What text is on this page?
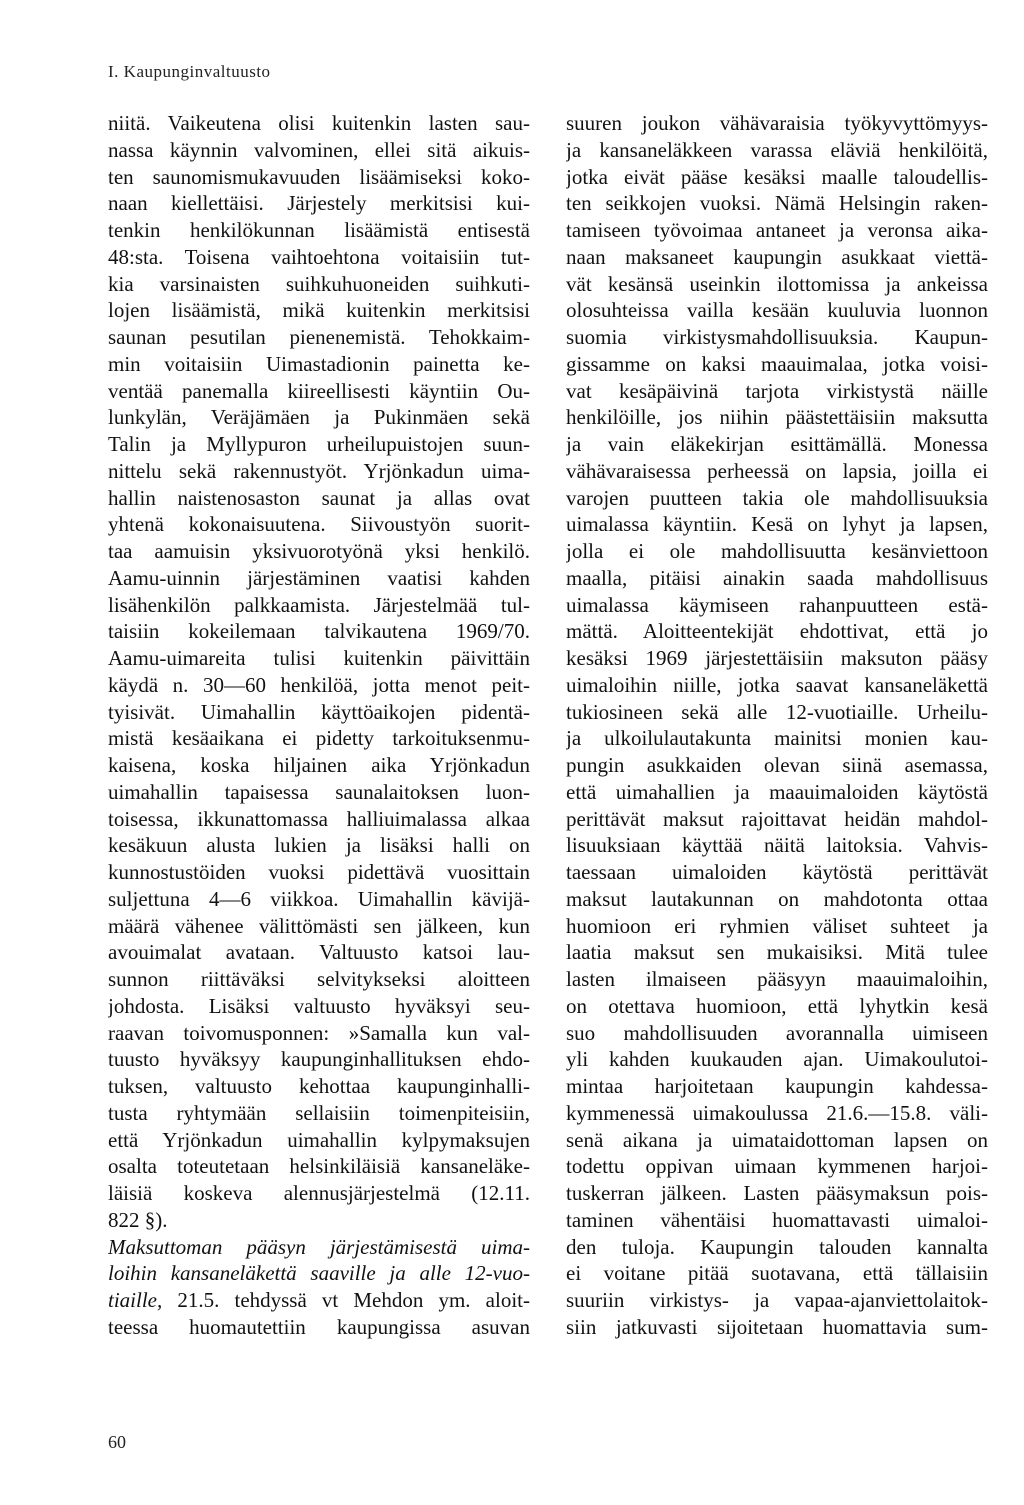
I. Kaupunginvaltuusto
niitä. Vaikeutena olisi kuitenkin lasten sau-
nassa käynnin valvominen, ellei sitä aikuis-
ten saunomismukavuuden lisäämiseksi koko-
naan kiellettäisi. Järjestely merkitsisi kui-
tenkin henkilökunnan lisäämistä entisestä
48:sta. Toisena vaihtoehtona voitaisiin tut-
kia varsinaisten suihkuhuoneiden suihkuti-
lojen lisäämistä, mikä kuitenkin merkitsisi
saunan pesutilan pienenemistä. Tehokkaim-
min voitaisiin Uimastadionin painetta ke-
ventää panemalla kiireellisesti käyntiin Ou-
lunkylän, Veräjämäen ja Pukinmäen sekä
Talin ja Myllypuron urheilupuistojen suun-
nittelu sekä rakennustyöt. Yrjönkadun uima-
hallin naistenosaston saunat ja allas ovat
yhtenä kokonaisuutena. Siivoustyön suorit-
taa aamuisin yksivuorotyönä yksi henkilö.
Aamu-uinnin järjestäminen vaatisi kahden
lisähenkilön palkkaamista. Järjestelmää tul-
taisiin kokeilemaan talvikautena 1969/70.
Aamu-uimareita tulisi kuitenkin päivittäin
käydä n. 30—60 henkilöä, jotta menot peit-
tyisivät. Uimahallin käyttöaikojen pidentä-
mistä kesäaikana ei pidetty tarkoituksenmu-
kaisena, koska hiljainen aika Yrjönkadun
uimahallin tapaisessa saunalaitoksen luon-
toisessa, ikkunattomassa halliuimalassa alkaa
kesäkuun alusta lukien ja lisäksi halli on
kunnostustöiden vuoksi pidettävä vuosittain
suljettuna 4—6 viikkoa. Uimahallin kävijä-
määrä vähenee välittömästi sen jälkeen, kun
avouimalat avataan. Valtuusto katsoi lau-
sunnon riittäväksi selvitykseksi aloitteen
johdosta. Lisäksi valtuusto hyväksyi seu-
raavan toivomusponnen: »Samalla kun val-
tuusto hyväksyy kaupunginhallituksen ehdo-
tuksen, valtuusto kehottaa kaupunginhalli-
tusta ryhtymään sellaisiin toimenpiteisiin,
että Yrjönkadun uimahallin kylpymaksujen
osalta toteutetaan helsinkiläisiä kansaneläke-
läisiä koskeva alennusjärjestelmä (12.11.
822 §).
Maksuttoman pääsyn järjestämisestä uima-
loihin kansaneläkettä saaville ja alle 12-vuo-
tiaille, 21.5. tehdyssä vt Mehdon ym. aloit-
teessa huomautettiin kaupungissa asuvan
suuren joukon vähävaraisia työkyvyttömyys-
ja kansaneläkkeen varassa eläviä henkilöitä,
jotka eivät pääse kesäksi maalle taloudellis-
ten seikkojen vuoksi. Nämä Helsingin raken-
tamiseen työvoimaa antaneet ja veronsa aika-
naan maksaneet kaupungin asukkaat viettä-
vät kesänsä useinkin ilottomissa ja ankeissa
olosuhteissa vailla kesään kuuluvia luonnon
suomia virkistysmahdollisuuksia. Kaupun-
gissamme on kaksi maauimalaa, jotka voisi-
vat kesäpäivinä tarjota virkistystä näille
henkilöille, jos niihin päästettäisiin maksutta
ja vain eläkekirjan esittämällä. Monessa
vähävaraisessa perheessä on lapsia, joilla ei
varojen puutteen takia ole mahdollisuuksia
uimalassa käyntiin. Kesä on lyhyt ja lapsen,
jolla ei ole mahdollisuutta kesänviettoon
maalla, pitäisi ainakin saada mahdollisuus
uimalassa käymiseen rahanpuutteen estä-
mättä. Aloitteentekijät ehdottivat, että jo
kesäksi 1969 järjestettäisiin maksuton pääsy
uimaloihin niille, jotka saavat kansaneläkettä
tukiosineen sekä alle 12-vuotiaille. Urheilu-
ja ulkoilulautakunta mainitsi monien kau-
pungin asukkaiden olevan siinä asemassa,
että uimahallien ja maauimaloiden käytöstä
perittävät maksut rajoittavat heidän mahdol-
lisuuksiaan käyttää näitä laitoksia. Vahvis-
taessaan uimaloiden käytöstä perittävät
maksut lautakunnan on mahdotonta ottaa
huomioon eri ryhmien väliset suhteet ja
laatia maksut sen mukaisiksi. Mitä tulee
lasten ilmaiseen pääsyyn maauimaloihin,
on otettava huomioon, että lyhytkin kesä
suo mahdollisuuden avorannalla uimiseen
yli kahden kuukauden ajan. Uimakoulutoi-
mintaa harjoitetaan kaupungin kahdessa-
kymmenessä uimakoulussa 21.6.—15.8. väli-
senä aikana ja uimataidottoman lapsen on
todettu oppivan uimaan kymmenen harjoi-
tuskerran jälkeen. Lasten pääsymaksun pois-
taminen vähentäisi huomattavasti uimaloi-
den tuloja. Kaupungin talouden kannalta
ei voitane pitää suotavana, että tällaisiin
suuriin virkistys- ja vapaa-ajanviettolaitok-
siin jatkuvasti sijoitetaan huomattavia sum-
60
